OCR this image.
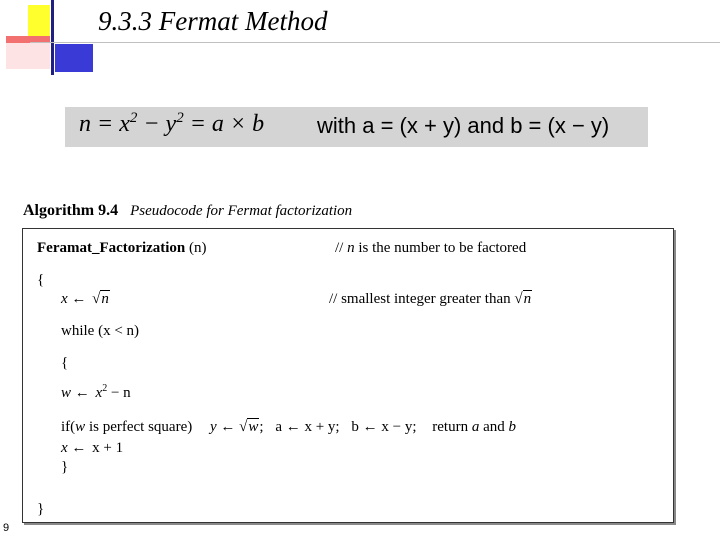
9.3.3 Fermat Method
$n = x^2 - y^2 = a \times b$ with a = (x + y) and b = (x − y)
Algorithm 9.4 Pseudocode for Fermat factorization
Feramat_Factorization (n)	// n is the number to be factored
{
x ← √n	// smallest integer greater than √n
while (x < n)
{
w ← $x^2 - n$
if(w is perfect square) y ← √w; a ← x + y; b ← x − y; return a and b
x ← x + 1
}
}
9
